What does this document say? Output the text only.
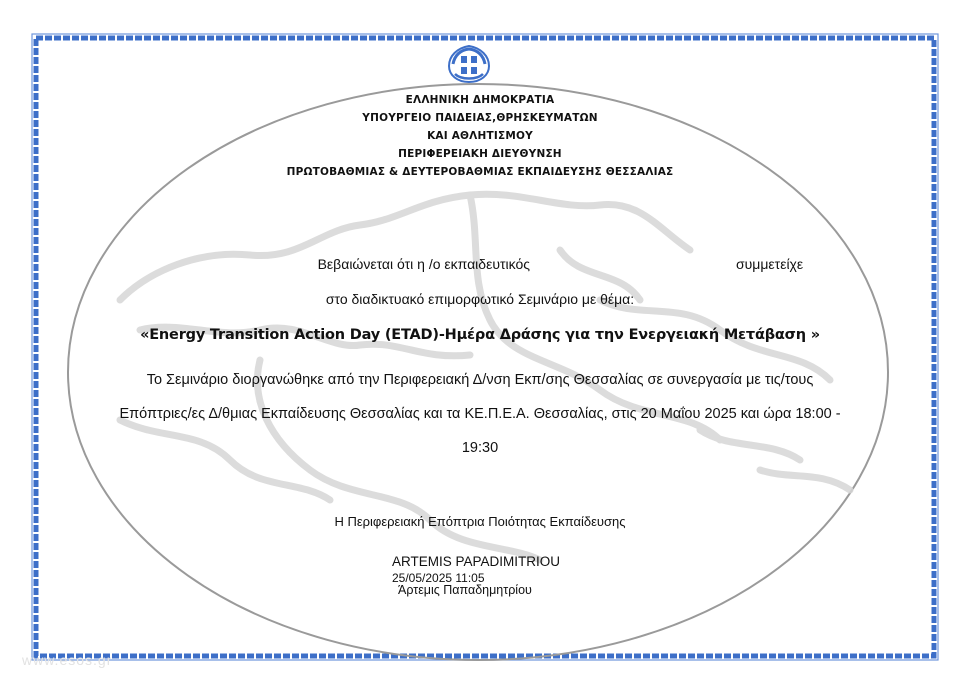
ΕΛΛΗΝΙΚΗ ΔΗΜΟΚΡΑΤΙΑ
ΥΠΟΥΡΓΕΙΟ ΠΑΙΔΕΙΑΣ,ΘΡΗΣΚΕΥΜΑΤΩΝ
ΚΑΙ ΑΘΛΗΤΙΣΜΟΥ
ΠΕΡΙΦΕΡΕΙΑΚΗ ΔΙΕΥΘΥΝΣΗ
ΠΡΩΤΟΒΑΘΜΙΑΣ & ΔΕΥΤΕΡΟΒΑΘΜΙΑΣ ΕΚΠΑΙΔΕΥΣΗΣ ΘΕΣΣΑΛΙΑΣ
Βεβαιώνεται ότι η /ο εκπαιδευτικός	συμμετείχε
στο διαδικτυακό επιμορφωτικό Σεμινάριο με θέμα:
«Energy Transition Action Day (ETAD)-Ημέρα Δράσης για την Ενεργειακή Μετάβαση »
Το Σεμινάριο διοργανώθηκε από την Περιφερειακή Δ/νση Εκπ/σης Θεσσαλίας σε συνεργασία με τις/τους
Επόπτριες/ες Δ/θμιας Εκπαίδευσης Θεσσαλίας και τα ΚΕ.Π.Ε.Α. Θεσσαλίας, στις 20 Μαΐου 2025 και ώρα 18:00 -
19:30
Η Περιφερειακή Επόπτρια Ποιότητας Εκπαίδευσης
ARTEMIS PAPADIMITRIOU
25/05/2025 11:05
Άρτεμις Παπαδημητρίου
www.esos.gr
